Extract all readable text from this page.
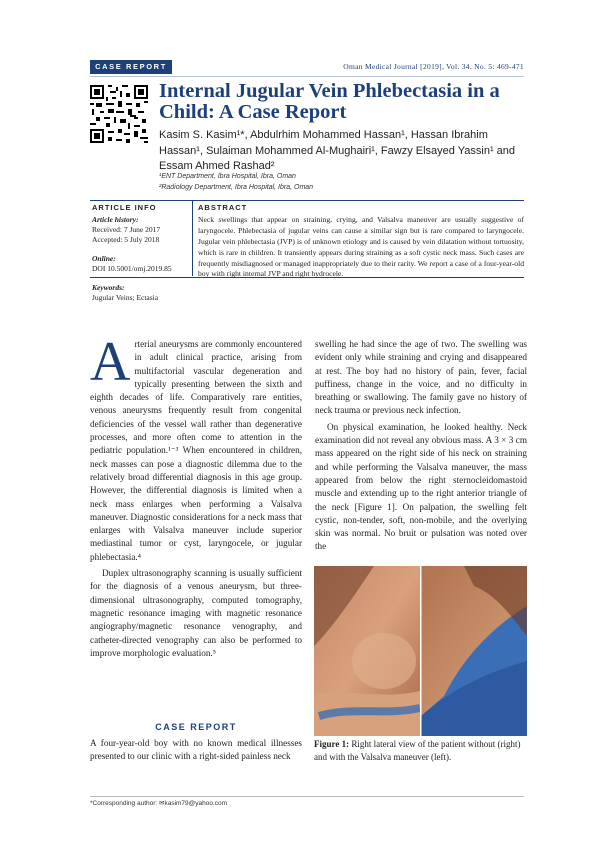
CASE REPORT	Oman Medical Journal [2019], Vol. 34, No. 5: 469-471
Internal Jugular Vein Phlebectasia in a Child: A Case Report
Kasim S. Kasim¹*, Abdulrhim Mohammed Hassan¹, Hassan Ibrahim Hassan¹, Sulaiman Mohammed Al-Mughairi¹, Fawzy Elsayed Yassin¹ and Essam Ahmed Rashad²
¹ENT Department, Ibra Hospital, Ibra, Oman
²Radiology Department, Ibra Hospital, Ibra, Oman
ARTICLE INFO
Article history:
Received: 7 June 2017
Accepted: 5 July 2018
Online:
DOI 10.5001/omj.2019.85
Keywords:
Jugular Veins; Ectasia
ABSTRACT
Neck swellings that appear on straining, crying, and Valsalva maneuver are usually suggestive of laryngocele. Phlebectasia of jugular veins can cause a similar sign but is rare compared to laryngocele. Jugular vein phlebectasia (JVP) is of unknown etiology and is caused by vein dilatation without tortuosity, which is rare in children. It transiently appears during straining as a soft cystic neck mass. Such cases are frequently misdiagnosed or managed inappropriately due to their rarity. We report a case of a four-year-old boy with right internal JVP and right hydrocele.

Arterial aneurysms are commonly encountered in adult clinical practice, arising from multifactorial vascular degeneration and typically presenting between the sixth and eighth decades of life. Comparatively rare entities, venous aneurysms frequently result from congenital deficiencies of the vessel wall rather than degenerative processes, and more often come to attention in the pediatric population.¹⁻³ When encountered in children, neck masses can pose a diagnostic dilemma due to the relatively broad differential diagnosis in this age group. However, the differential diagnosis is limited when a neck mass enlarges when performing a Valsalva maneuver. Diagnostic considerations for a neck mass that enlarges with Valsalva maneuver include superior mediastinal tumor or cyst, laryngocele, or jugular phlebectasia.⁴

Duplex ultrasonography scanning is usually sufficient for the diagnosis of a venous aneurysm, but three-dimensional ultrasonography, computed tomography, magnetic resonance imaging with magnetic resonance angiography/magnetic resonance venography, and catheter-directed venography can also be performed to improve morphologic evaluation.⁵

CASE REPORT
A four-year-old boy with no known medical illnesses presented to our clinic with a right-sided painless neck

swelling he had since the age of two. The swelling was evident only while straining and crying and disappeared at rest. The boy had no history of pain, fever, facial puffiness, change in the voice, and no difficulty in breathing or swallowing. The family gave no history of neck trauma or previous neck infection.

On physical examination, he looked healthy. Neck examination did not reveal any obvious mass. A 3 × 3 cm mass appeared on the right side of his neck on straining and while performing the Valsalva maneuver, the mass appeared from below the right sternocleidomastoid muscle and extending up to the right anterior triangle of the neck [Figure 1]. On palpation, the swelling felt cystic, non-tender, soft, non-mobile, and the overlying skin was normal. No bruit or pulsation was noted over the

Figure 1: Right lateral view of the patient without (right) and with the Valsalva maneuver (left).
*Corresponding author: ✉kasim79@yahoo.com
